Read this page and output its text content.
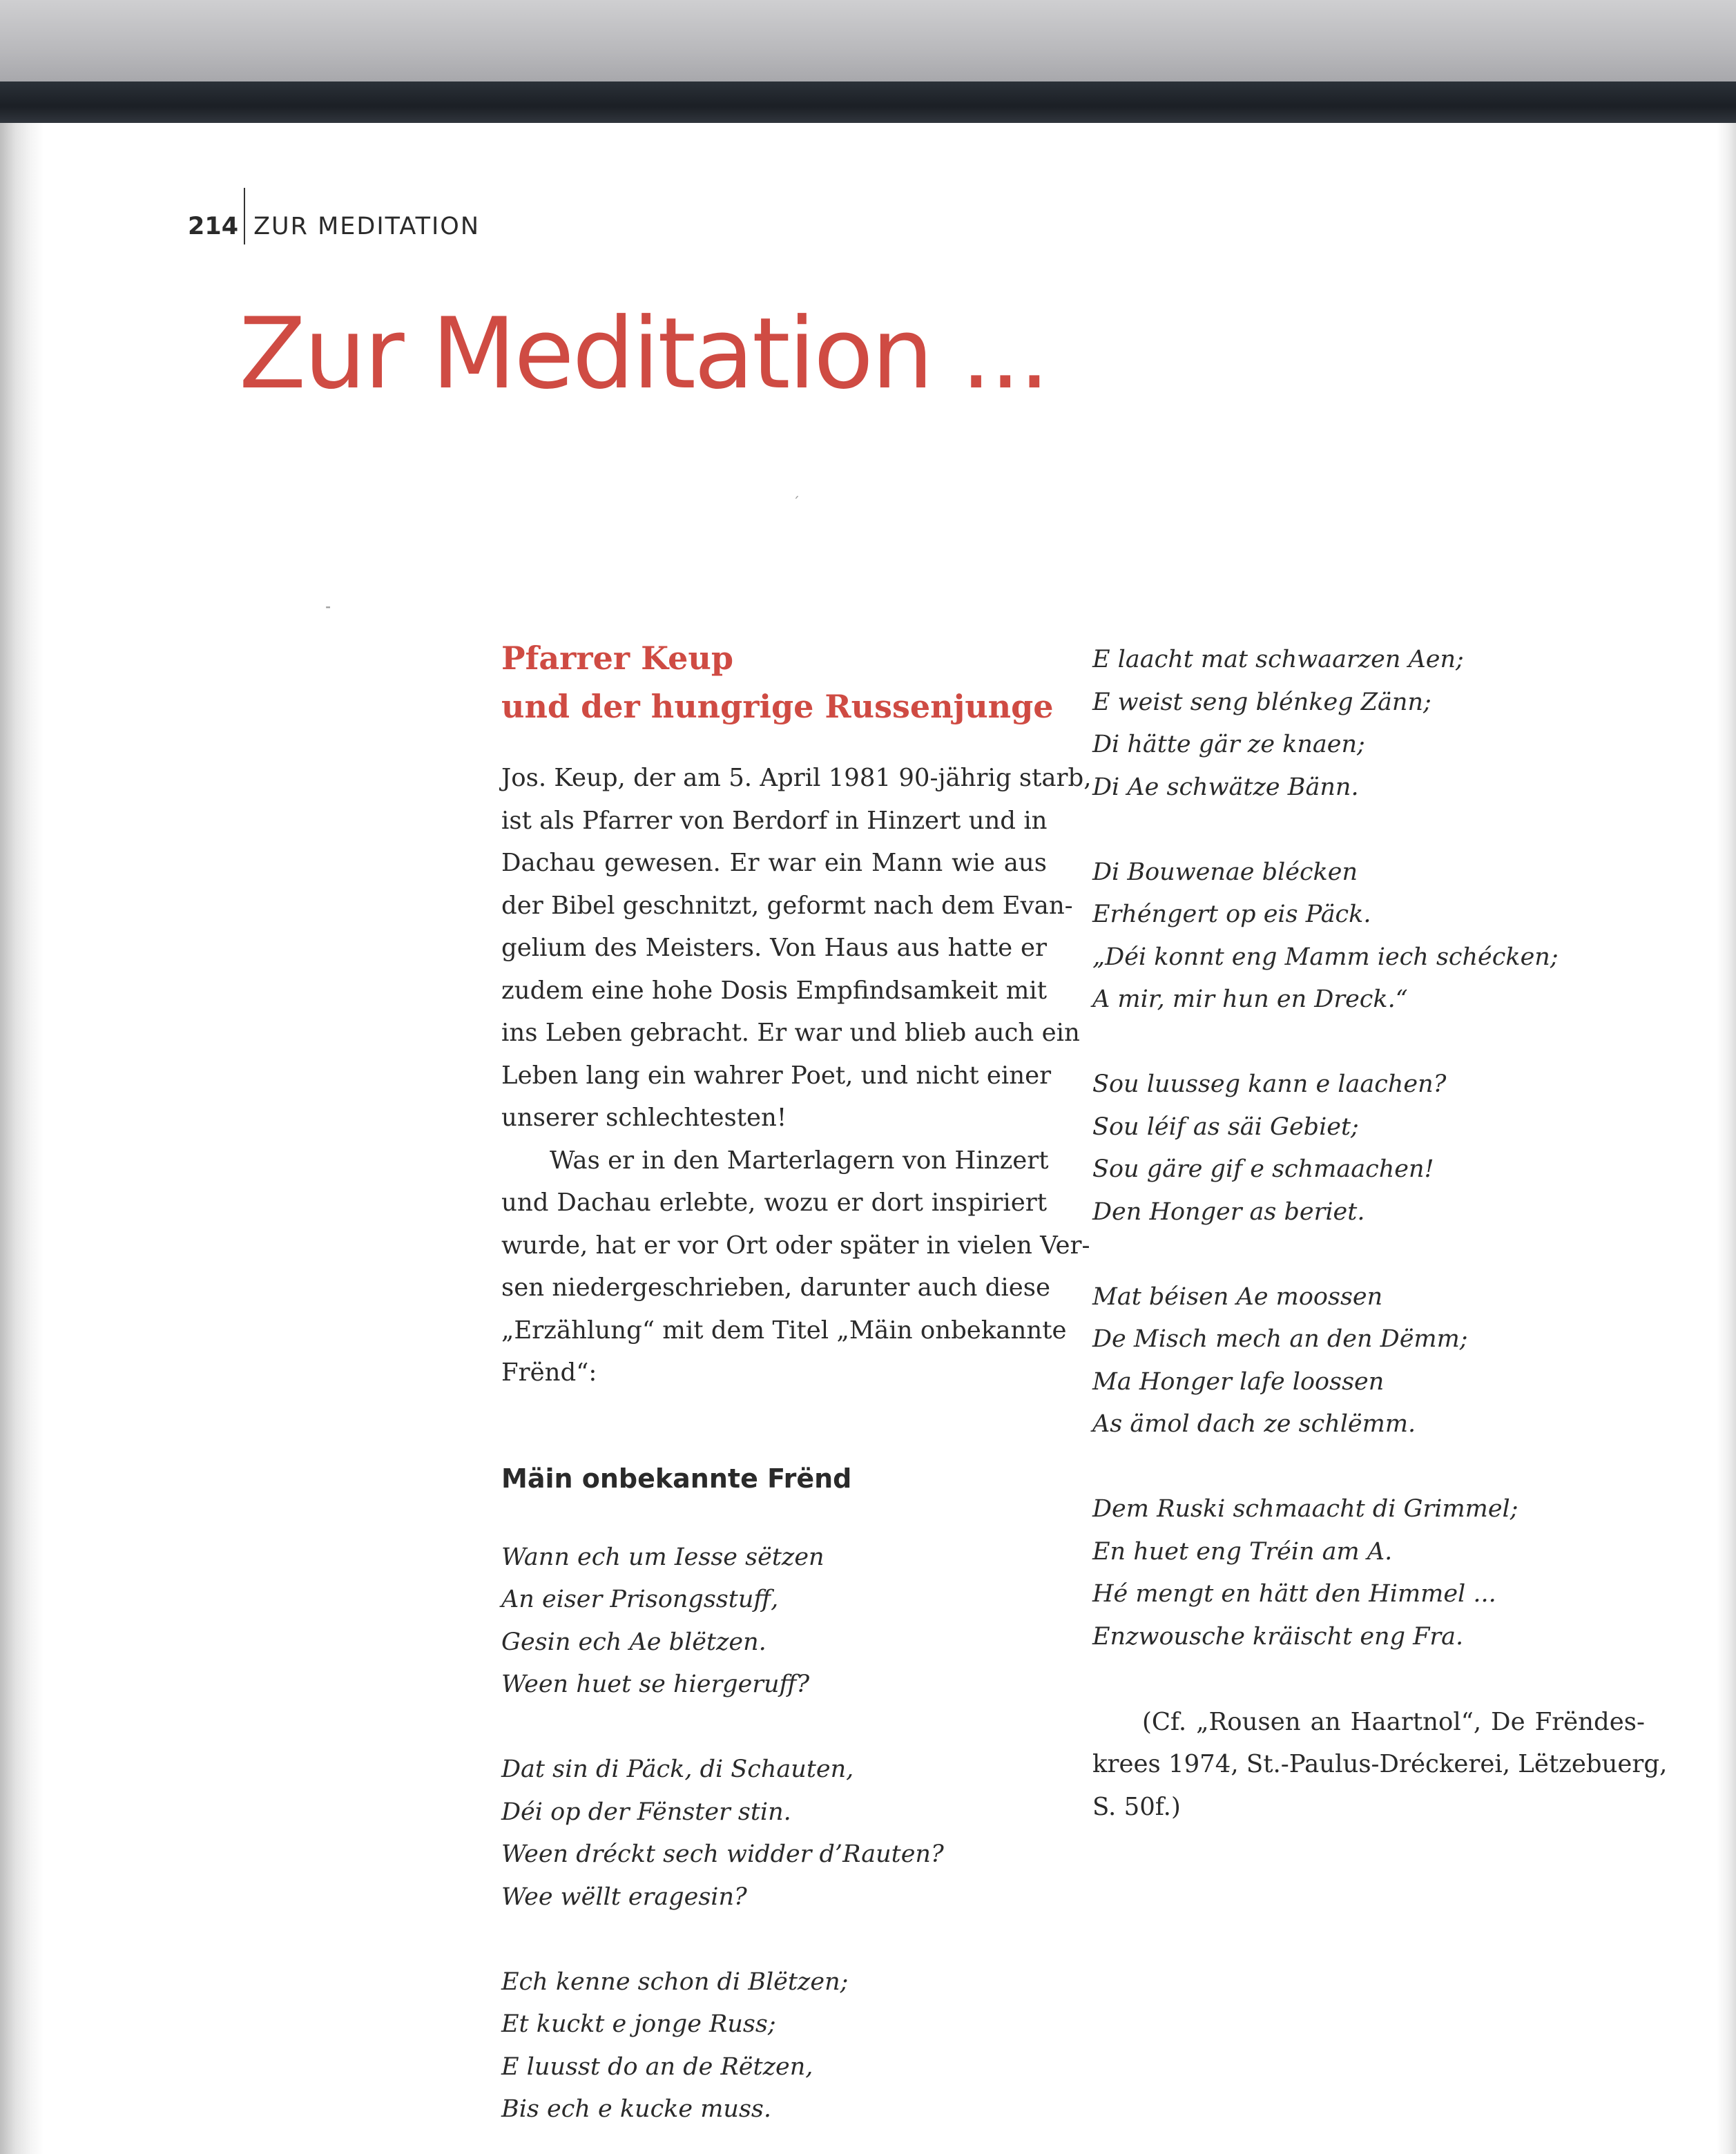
214 ZUR MEDITATION
Zur Meditation ...
Pfarrer Keup
und der hungrige Russenjunge
Jos. Keup, der am 5. April 1981 90-jährig starb,
ist als Pfarrer von Berdorf in Hinzert und in
Dachau gewesen. Er war ein Mann wie aus
der Bibel geschnitzt, geformt nach dem Evan-
gelium des Meisters. Von Haus aus hatte er
zudem eine hohe Dosis Empfindsamkeit mit
ins Leben gebracht. Er war und blieb auch ein
Leben lang ein wahrer Poet, und nicht einer
unserer schlechtesten!
Was er in den Marterlagern von Hinzert
und Dachau erlebte, wozu er dort inspiriert
wurde, hat er vor Ort oder später in vielen Ver-
sen niedergeschrieben, darunter auch diese
„Erzählung“ mit dem Titel „Mäin onbekannte
Frënd“:
Mäin onbekannte Frënd
Wann ech um Iesse sëtzen
An eiser Prisongsstuff,
Gesin ech Ae blëtzen.
Ween huet se hiergeruff?
Dat sin di Päck, di Schauten,
Déi op der Fënster stin.
Ween dréckt sech widder d’Rauten?
Wee wëllt eragesin?
Ech kenne schon di Blëtzen;
Et kuckt e jonge Russ;
E luusst do an de Rëtzen,
Bis ech e kucke muss.
E laacht mat schwaarzen Aen;
E weist seng blénkeg Zänn;
Di hätte gär ze knaen;
Di Ae schwätze Bänn.
Di Bouwenae blécken
Erhéngert op eis Päck.
„Déi konnt eng Mamm iech schécken;
A mir, mir hun en Dreck.“
Sou luusseg kann e laachen?
Sou léif as säi Gebiet;
Sou gäre gif e schmaachen!
Den Honger as beriet.
Mat béisen Ae moossen
De Misch mech an den Dëmm;
Ma Honger lafe loossen
As ämol dach ze schlëmm.
Dem Ruski schmaacht di Grimmel;
En huet eng Tréin am A.
Hé mengt en hätt den Himmel ...
Enzwousche kräischt eng Fra.
(Cf. „Rousen an Haartnol“, De Frëndes-
krees 1974, St.-Paulus-Dréckerei, Lëtzebuerg,
S. 50f.)
⁃
ˏ
